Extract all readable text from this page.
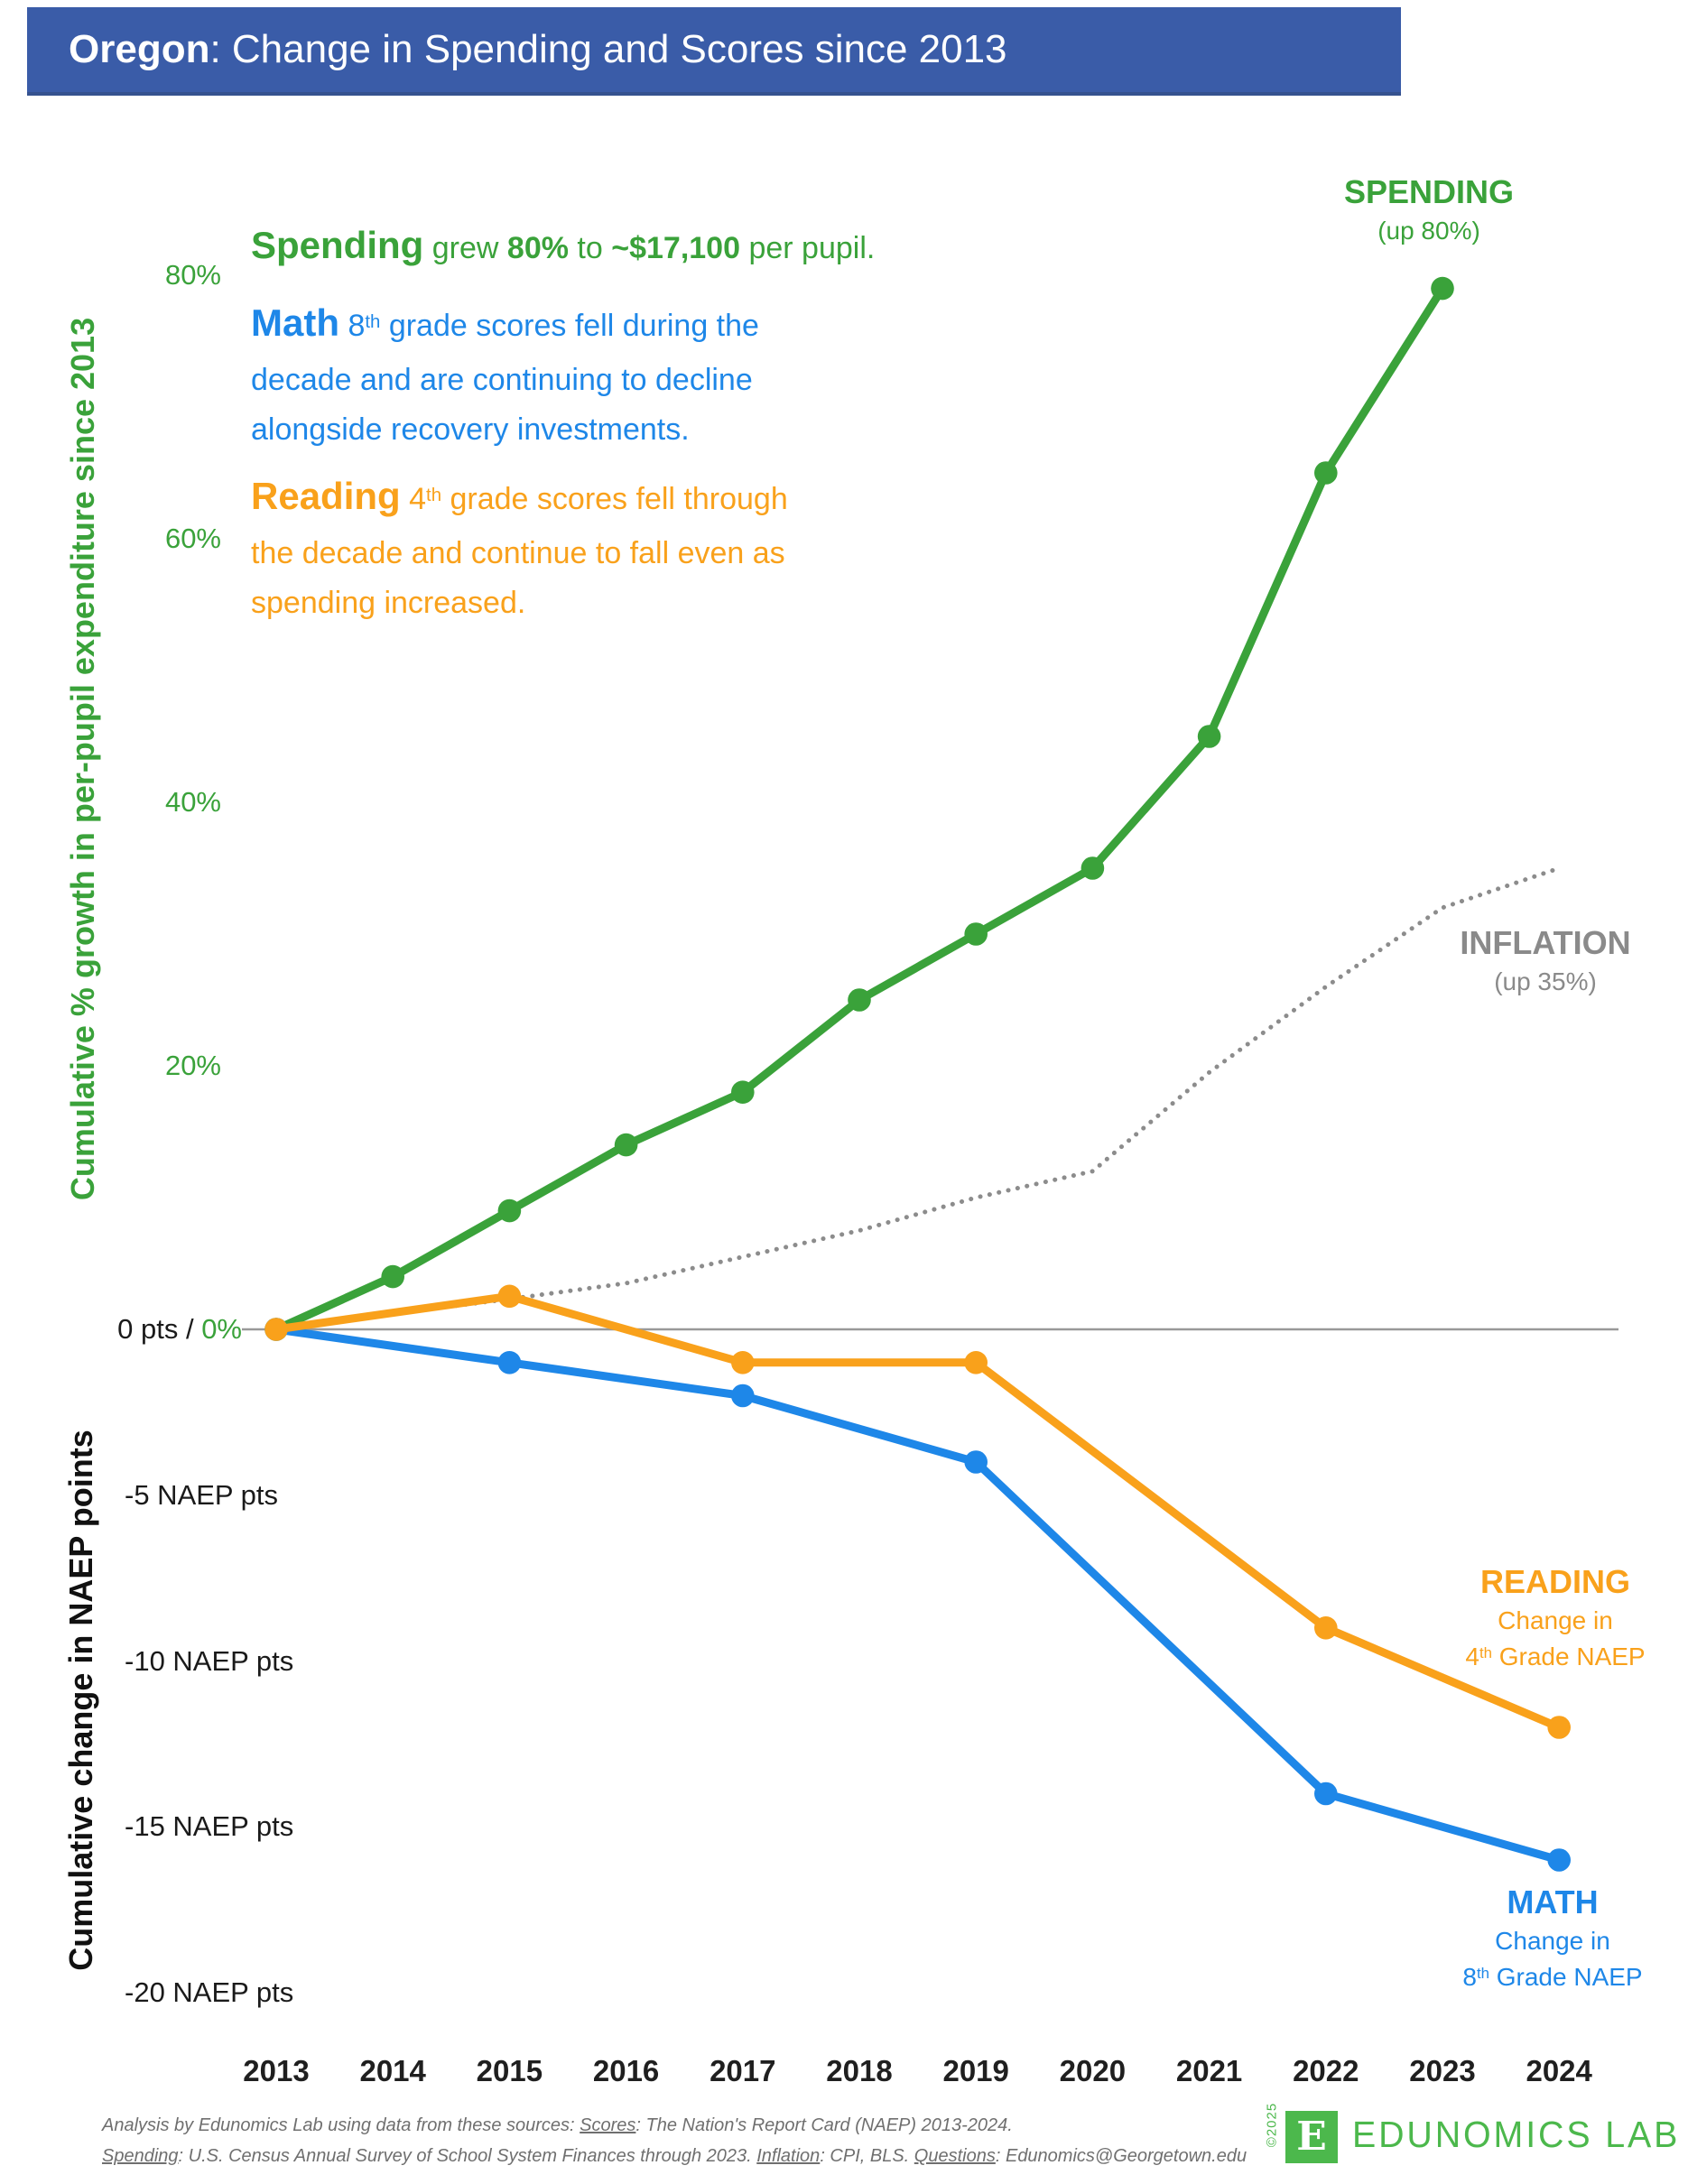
Oregon: Change in Spending and Scores since 2013
80%
60%
40%
20%
-5 NAEP pts
-10 NAEP pts
-15 NAEP pts
-20 NAEP pts
2013	2014	2015	2016	2017	2018	2019	2020	2021	2022	2023	2024
0 pts / 0%
Cumulative % growth in per-pupil expenditure since 2013
Cumulative change in NAEP points
Spending grew 80% to ~$17,100 per pupil.
Math 8th grade scores fell during the
decade and are continuing to decline
alongside recovery investments.
Reading 4th grade scores fell through
the decade and continue to fall even as
spending increased.
SPENDING
(up 80%)
INFLATION
(up 35%)
READING
Change in
4th Grade NAEP
MATH
Change in
8th Grade NAEP
Analysis by Edunomics Lab using data from these sources: Scores: The Nation's Report Card (NAEP) 2013-2024.
Spending: U.S. Census Annual Survey of School System Finances through 2023. Inflation: CPI, BLS. Questions: Edunomics@Georgetown.edu
©2025 E EDUNOMICS LAB
